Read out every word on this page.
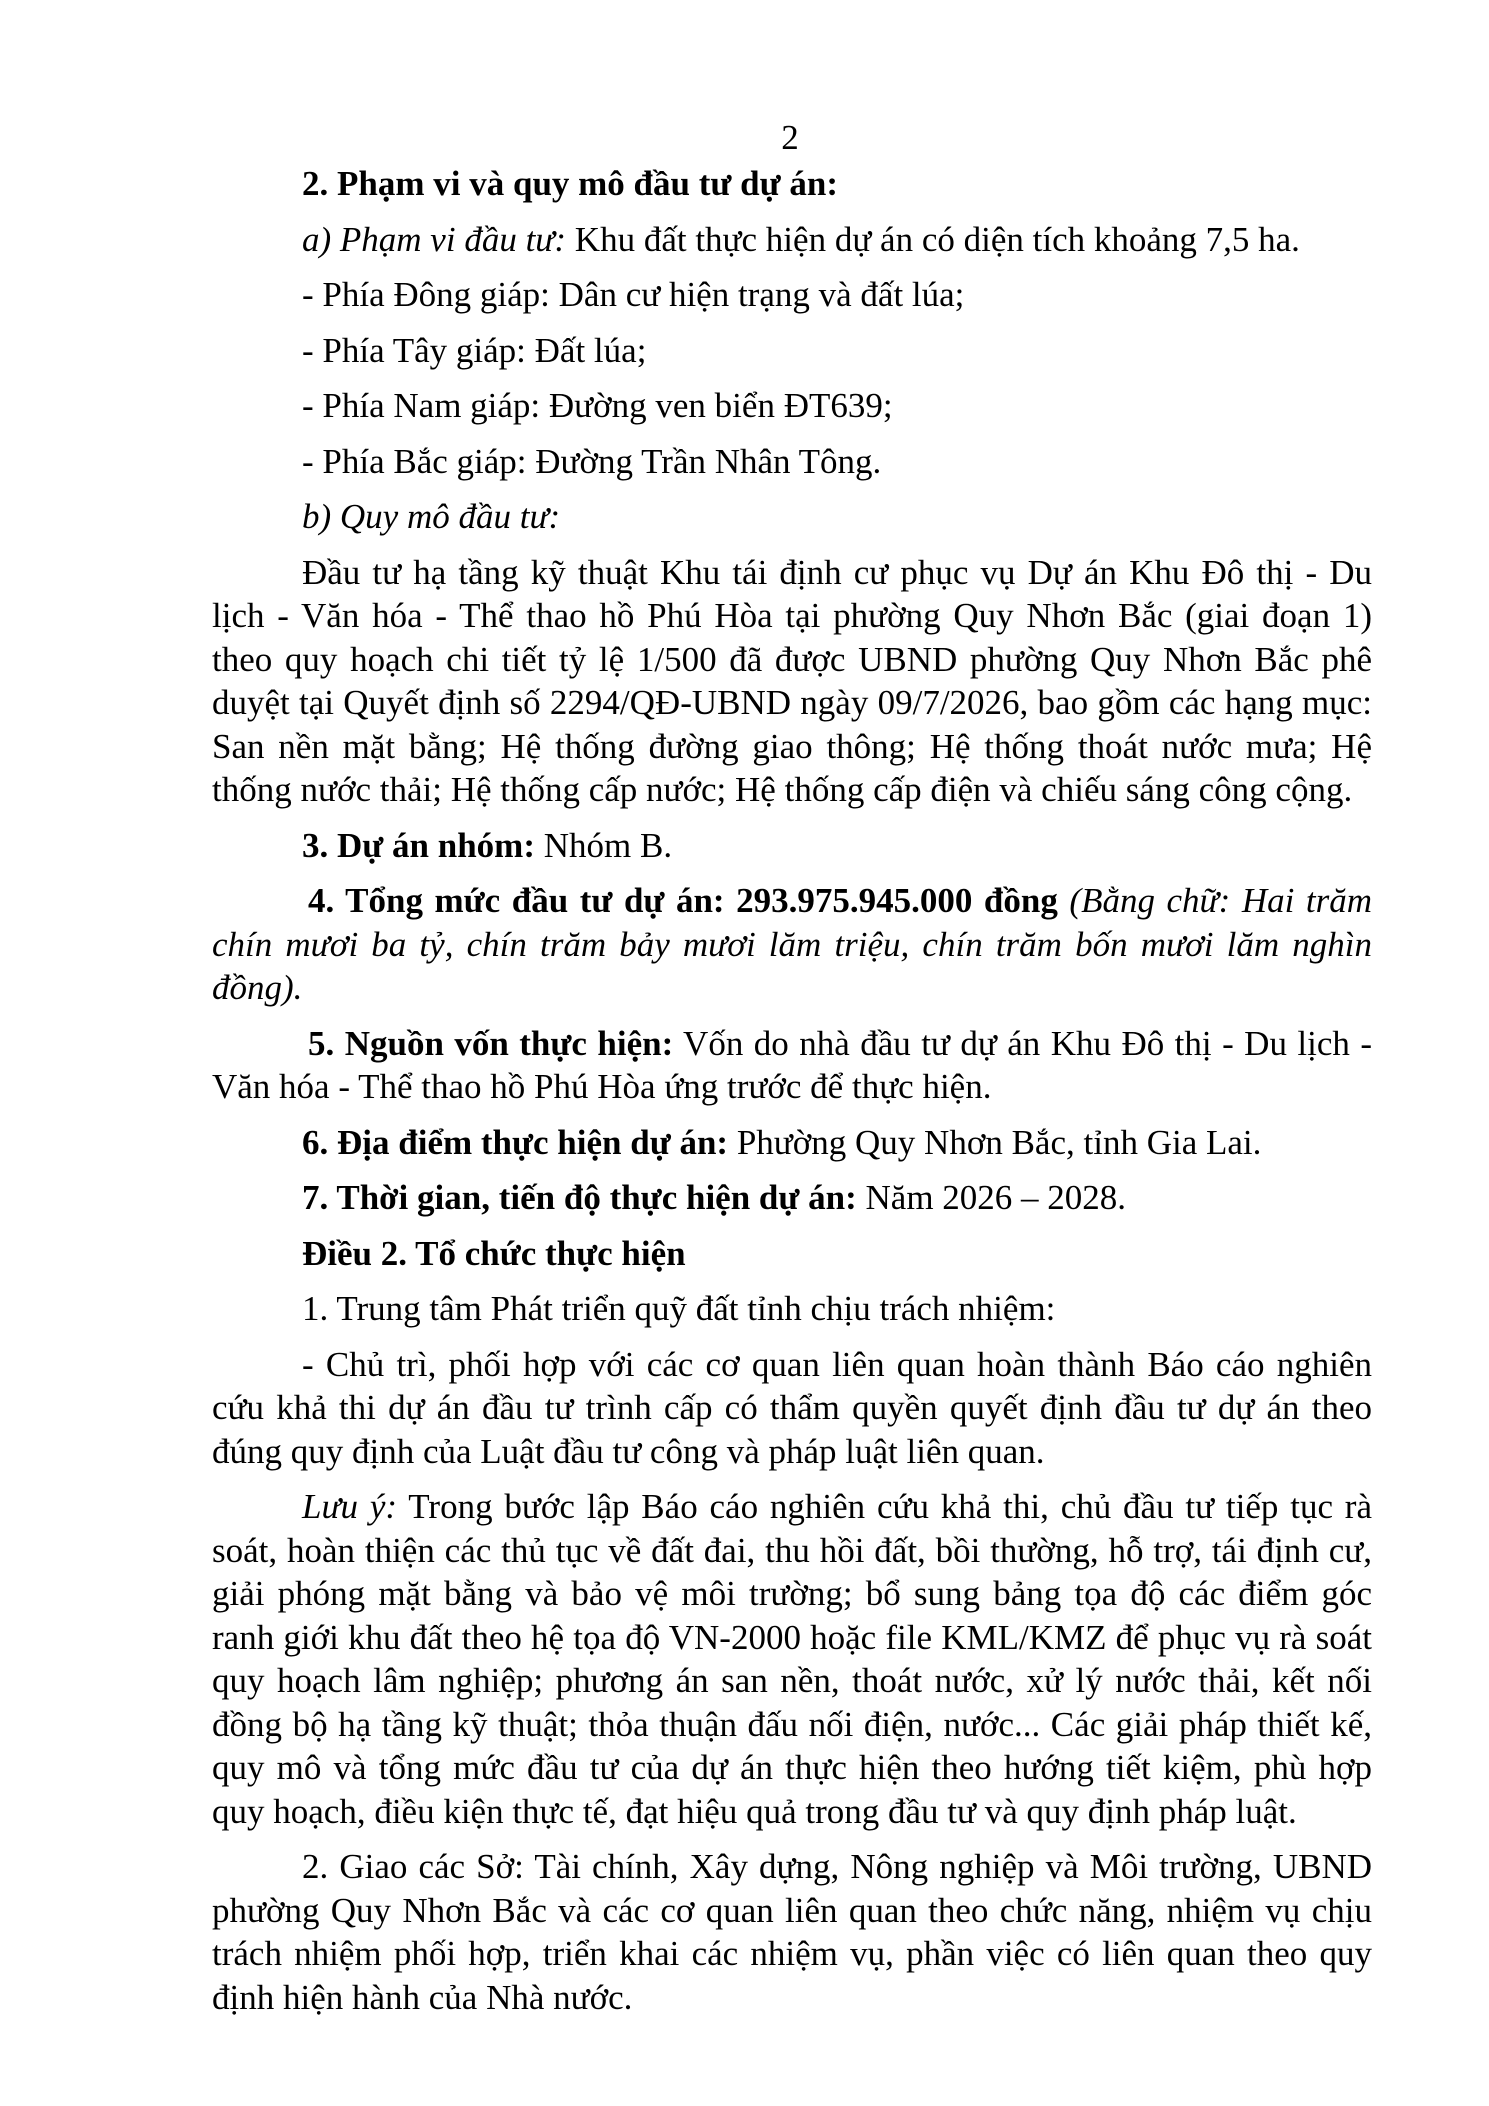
2

2. Phạm vi và quy mô đầu tư dự án:

a) Phạm vi đầu tư: Khu đất thực hiện dự án có diện tích khoảng 7,5 ha.

- Phía Đông giáp: Dân cư hiện trạng và đất lúa;

- Phía Tây giáp: Đất lúa;

- Phía Nam giáp: Đường ven biển ĐT639;

- Phía Bắc giáp: Đường Trần Nhân Tông.

b) Quy mô đầu tư:

Đầu tư hạ tầng kỹ thuật Khu tái định cư phục vụ Dự án Khu Đô thị - Du lịch - Văn hóa - Thể thao hồ Phú Hòa tại phường Quy Nhơn Bắc (giai đoạn 1) theo quy hoạch chi tiết tỷ lệ 1/500 đã được UBND phường Quy Nhơn Bắc phê duyệt tại Quyết định số 2294/QĐ-UBND ngày 09/7/2026, bao gồm các hạng mục: San nền mặt bằng; Hệ thống đường giao thông; Hệ thống thoát nước mưa; Hệ thống nước thải; Hệ thống cấp nước; Hệ thống cấp điện và chiếu sáng công cộng.

3. Dự án nhóm: Nhóm B.

4. Tổng mức đầu tư dự án: 293.975.945.000 đồng (Bằng chữ: Hai trăm chín mươi ba tỷ, chín trăm bảy mươi lăm triệu, chín trăm bốn mươi lăm nghìn đồng).

5. Nguồn vốn thực hiện: Vốn do nhà đầu tư dự án Khu Đô thị - Du lịch - Văn hóa - Thể thao hồ Phú Hòa ứng trước để thực hiện.

6. Địa điểm thực hiện dự án: Phường Quy Nhơn Bắc, tỉnh Gia Lai.

7. Thời gian, tiến độ thực hiện dự án: Năm 2026 – 2028.

Điều 2. Tổ chức thực hiện

1. Trung tâm Phát triển quỹ đất tỉnh chịu trách nhiệm:

- Chủ trì, phối hợp với các cơ quan liên quan hoàn thành Báo cáo nghiên cứu khả thi dự án đầu tư trình cấp có thẩm quyền quyết định đầu tư dự án theo đúng quy định của Luật đầu tư công và pháp luật liên quan.

Lưu ý: Trong bước lập Báo cáo nghiên cứu khả thi, chủ đầu tư tiếp tục rà soát, hoàn thiện các thủ tục về đất đai, thu hồi đất, bồi thường, hỗ trợ, tái định cư, giải phóng mặt bằng và bảo vệ môi trường; bổ sung bảng tọa độ các điểm góc ranh giới khu đất theo hệ tọa độ VN-2000 hoặc file KML/KMZ để phục vụ rà soát quy hoạch lâm nghiệp; phương án san nền, thoát nước, xử lý nước thải, kết nối đồng bộ hạ tầng kỹ thuật; thỏa thuận đấu nối điện, nước... Các giải pháp thiết kế, quy mô và tổng mức đầu tư của dự án thực hiện theo hướng tiết kiệm, phù hợp quy hoạch, điều kiện thực tế, đạt hiệu quả trong đầu tư và quy định pháp luật.

2. Giao các Sở: Tài chính, Xây dựng, Nông nghiệp và Môi trường, UBND phường Quy Nhơn Bắc và các cơ quan liên quan theo chức năng, nhiệm vụ chịu trách nhiệm phối hợp, triển khai các nhiệm vụ, phần việc có liên quan theo quy định hiện hành của Nhà nước.
